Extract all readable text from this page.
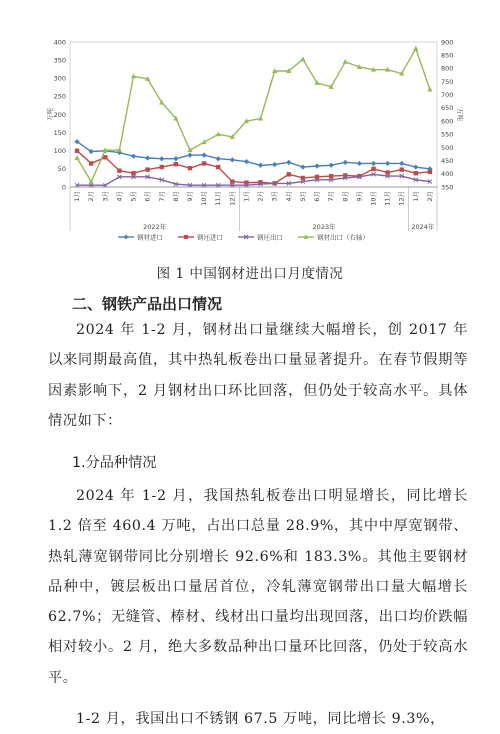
0
50
100
150
200
250
300
350
400
350
400
450
500
550
600
650
700
750
800
850
900
万吨	万吨
1月 2月 3月 4月 5月 6月 7月 8月 9月 10月 11月 12月 1月 2月 3月 4月 5月 6月 7月 8月 9月 10月 11月 12月 1月 2月
2022年	2023年	2024年
钢材进口	钢坯进口	钢坯出口	钢材出口（右轴）
图 1 中国钢材进出口月度情况
二、钢铁产品出口情况

2024 年 1-2 月，钢材出口量继续大幅增长，创 2017 年以来同期最高值，其中热轧板卷出口量显著提升。在春节假期等因素影响下，2 月钢材出口环比回落，但仍处于较高水平。具体情况如下：

1.分品种情况

2024 年 1-2 月，我国热轧板卷出口明显增长，同比增长 1.2 倍至 460.4 万吨，占出口总量 28.9%，其中中厚宽钢带、热轧薄宽钢带同比分别增长 92.6%和 183.3%。其他主要钢材品种中，镀层板出口量居首位，冷轧薄宽钢带出口量大幅增长 62.7%；无缝管、棒材、线材出口量均出现回落，出口均价跌幅相对较小。2 月，绝大多数品种出口量环比回落，仍处于较高水平。

1-2 月，我国出口不锈钢 67.5 万吨，同比增长 9.3%，
